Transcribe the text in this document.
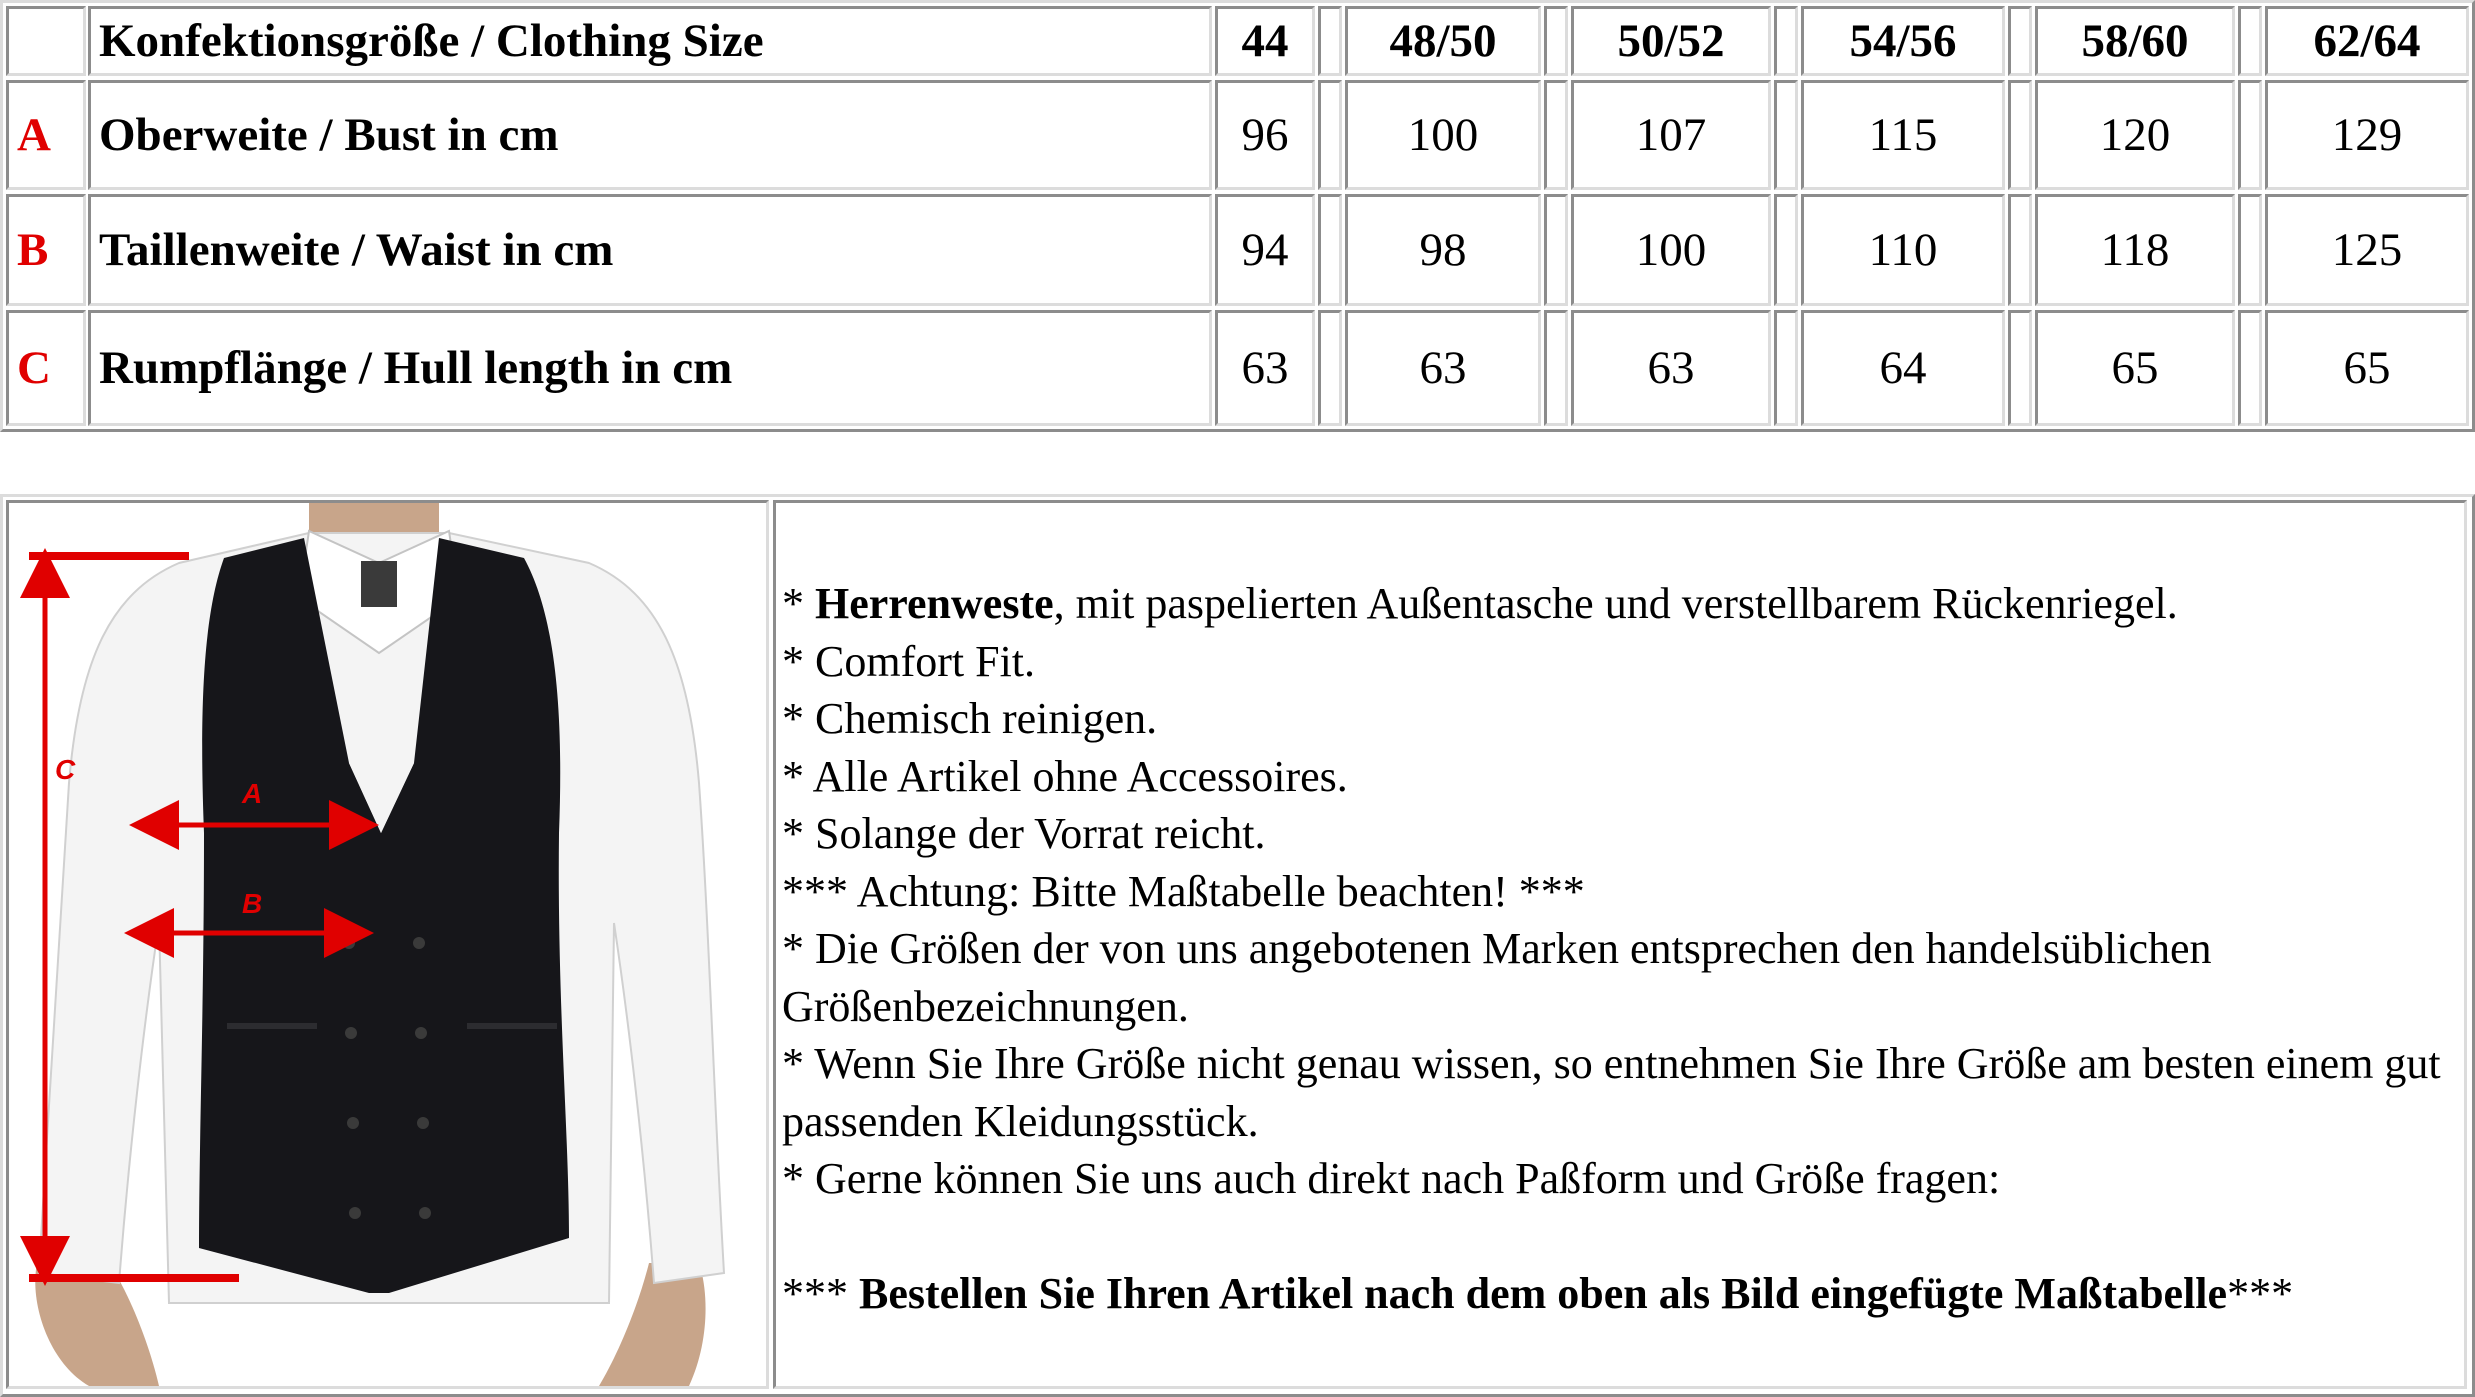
Konfektionsgröße / Clothing Size	44	48/50	50/52	54/56	58/60	62/64
A	Oberweite / Bust in cm	96	100	107	115	120	129
B	Taillenweite / Waist in cm	94	98	100	110	118	125
C	Rumpflänge / Hull length in cm	63	63	63	64	65	65
A
B
C

* Herrenweste, mit paspelierten Außentasche und verstellbarem Rückenriegel.

* Comfort Fit.

* Chemisch reinigen.

* Alle Artikel ohne Accessoires.

* Solange der Vorrat reicht.

*** Achtung: Bitte Maßtabelle beachten! ***

* Die Größen der von uns angebotenen Marken entsprechen den handelsüblichen Größenbezeichnungen.

* Wenn Sie Ihre Größe nicht genau wissen, so entnehmen Sie Ihre Größe am besten einem gut passenden Kleidungsstück.

* Gerne können Sie uns auch direkt nach Paßform und Größe fragen:

*** Bestellen Sie Ihren Artikel nach dem oben als Bild eingefügte Maßtabelle***
